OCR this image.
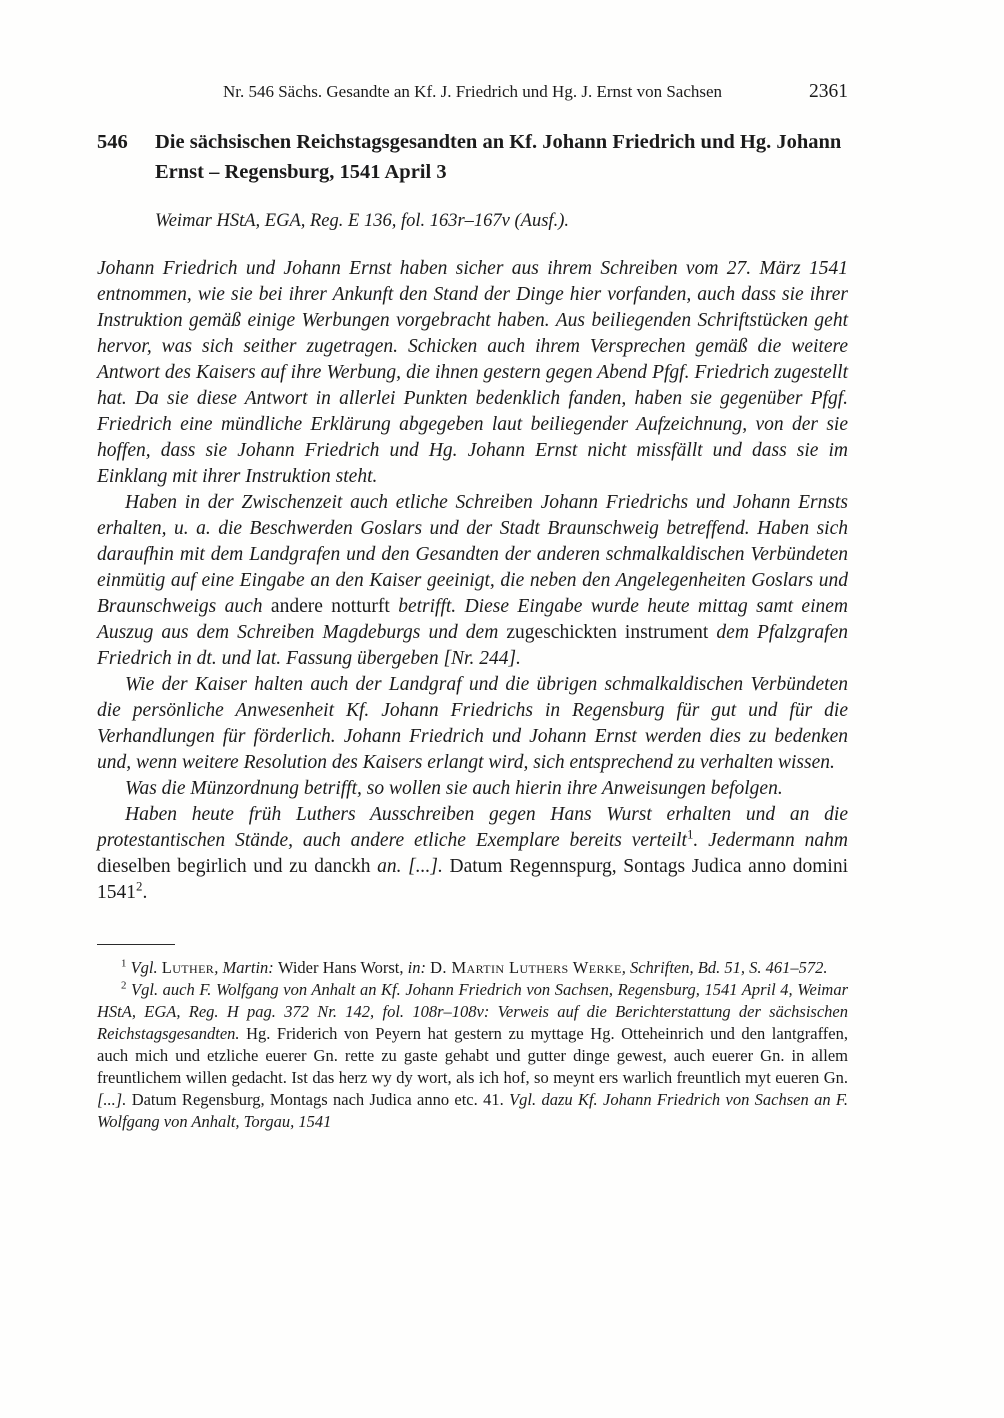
Nr. 546 Sächs. Gesandte an Kf. J. Friedrich und Hg. J. Ernst von Sachsen	2361
546	Die sächsischen Reichstagsgesandten an Kf. Johann Friedrich und Hg. Johann Ernst – Regensburg, 1541 April 3

Weimar HStA, EGA, Reg. E 136, fol. 163r–167v (Ausf.).

Johann Friedrich und Johann Ernst haben sicher aus ihrem Schreiben vom 27. März 1541 entnommen, wie sie bei ihrer Ankunft den Stand der Dinge hier vorfanden, auch dass sie ihrer Instruktion gemäß einige Werbungen vorgebracht haben. Aus beiliegenden Schriftstücken geht hervor, was sich seither zugetragen. Schicken auch ihrem Versprechen gemäß die weitere Antwort des Kaisers auf ihre Werbung, die ihnen gestern gegen Abend Pfgf. Friedrich zugestellt hat. Da sie diese Antwort in allerlei Punkten bedenklich fanden, haben sie gegenüber Pfgf. Friedrich eine mündliche Erklärung abgegeben laut beiliegender Aufzeichnung, von der sie hoffen, dass sie Johann Friedrich und Hg. Johann Ernst nicht missfällt und dass sie im Einklang mit ihrer Instruktion steht.

Haben in der Zwischenzeit auch etliche Schreiben Johann Friedrichs und Johann Ernsts erhalten, u. a. die Beschwerden Goslars und der Stadt Braunschweig betreffend. Haben sich daraufhin mit dem Landgrafen und den Gesandten der anderen schmalkaldischen Verbündeten einmütig auf eine Eingabe an den Kaiser geeinigt, die neben den Angelegenheiten Goslars und Braunschweigs auch andere notturft betrifft. Diese Eingabe wurde heute mittag samt einem Auszug aus dem Schreiben Magdeburgs und dem zugeschickten instrument dem Pfalzgrafen Friedrich in dt. und lat. Fassung übergeben [Nr. 244].

Wie der Kaiser halten auch der Landgraf und die übrigen schmalkaldischen Verbündeten die persönliche Anwesenheit Kf. Johann Friedrichs in Regensburg für gut und für die Verhandlungen für förderlich. Johann Friedrich und Johann Ernst werden dies zu bedenken und, wenn weitere Resolution des Kaisers erlangt wird, sich entsprechend zu verhalten wissen.

Was die Münzordnung betrifft, so wollen sie auch hierin ihre Anweisungen befolgen.

Haben heute früh Luthers Ausschreiben gegen Hans Wurst erhalten und an die protestantischen Stände, auch andere etliche Exemplare bereits verteilt$^1$. Jedermann nahm dieselben begirlich und zu danckh an. [...]. Datum Regennspurg, Sontags Judica anno domini 1541$^2$.

$^1$ Vgl. Luther, Martin: Wider Hans Worst, in: D. Martin Luthers Werke, Schriften, Bd. 51, S. 461–572.

$^2$ Vgl. auch F. Wolfgang von Anhalt an Kf. Johann Friedrich von Sachsen, Regensburg, 1541 April 4, Weimar HStA, EGA, Reg. H pag. 372 Nr. 142, fol. 108r–108v: Verweis auf die Berichterstattung der sächsischen Reichstagsgesandten. Hg. Friderich von Peyern hat gestern zu myttage Hg. Otteheinrich und den lantgraffen, auch mich und etzliche euerer Gn. rette zu gaste gehabt und gutter dinge gewest, auch euerer Gn. in allem freuntlichem willen gedacht. Ist das herz wy dy wort, als ich hof, so meynt ers warlich freuntlich myt eueren Gn. [...]. Datum Regensburg, Montags nach Judica anno etc. 41. Vgl. dazu Kf. Johann Friedrich von Sachsen an F. Wolfgang von Anhalt, Torgau, 1541
